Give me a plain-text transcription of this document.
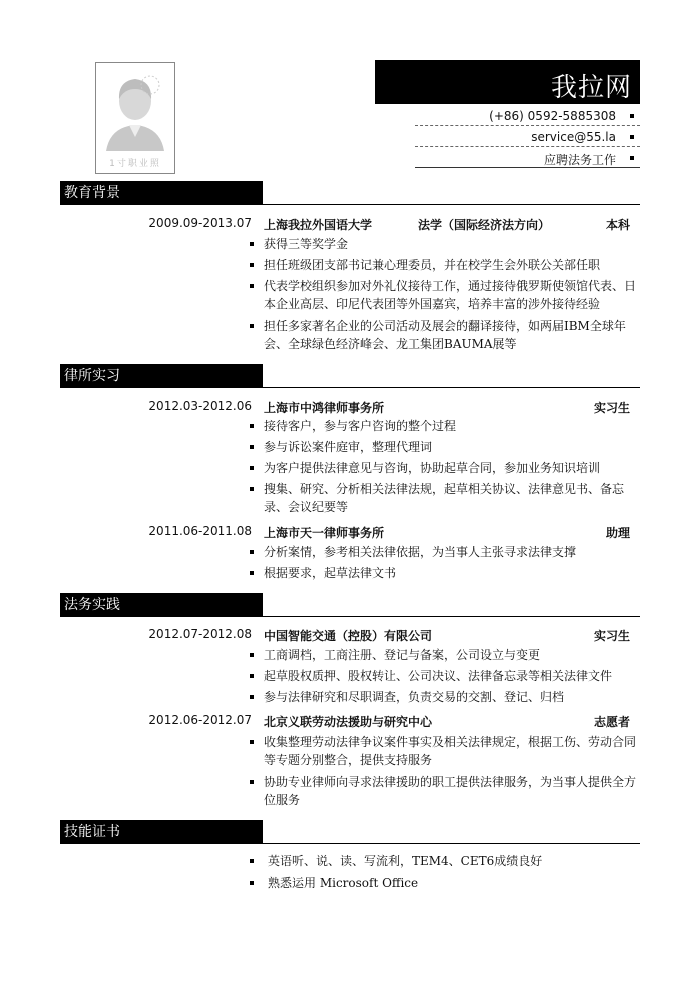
1寸职业照
我拉网
(+86) 0592-5885308
service@55.la
应聘法务工作
教育背景
2009.09-2013.07 上海我拉外国语大学	法学（国际经济法方向）	本科
获得三等奖学金
担任班级团支部书记兼心理委员，并在校学生会外联公关部任职
代表学校组织参加对外礼仪接待工作，通过接待俄罗斯使领馆代表、日本企业高层、印尼代表团等外国嘉宾，培养丰富的涉外接待经验
担任多家著名企业的公司活动及展会的翻译接待，如两届IBM全球年会、全球绿色经济峰会、龙工集团BAUMA展等
律所实习
2012.03-2012.06 上海市中鸿律师事务所	实习生
接待客户，参与客户咨询的整个过程
参与诉讼案件庭审，整理代理词
为客户提供法律意见与咨询，协助起草合同，参加业务知识培训
搜集、研究、分析相关法律法规，起草相关协议、法律意见书、备忘录、会议纪要等
2011.06-2011.08 上海市天一律师事务所	助理
分析案情，参考相关法律依据，为当事人主张寻求法律支撑
根据要求，起草法律文书
法务实践
2012.07-2012.08 中国智能交通（控股）有限公司	实习生
工商调档，工商注册、登记与备案，公司设立与变更
起草股权质押、股权转让、公司决议、法律备忘录等相关法律文件
参与法律研究和尽职调查，负责交易的交割、登记、归档
2012.06-2012.07 北京义联劳动法援助与研究中心	志愿者
收集整理劳动法律争议案件事实及相关法律规定，根据工伤、劳动合同等专题分别整合，提供支持服务
协助专业律师向寻求法律援助的职工提供法律服务，为当事人提供全方位服务
技能证书
英语听、说、读、写流利，TEM4、CET6成绩良好
熟悉运用 Microsoft Office
